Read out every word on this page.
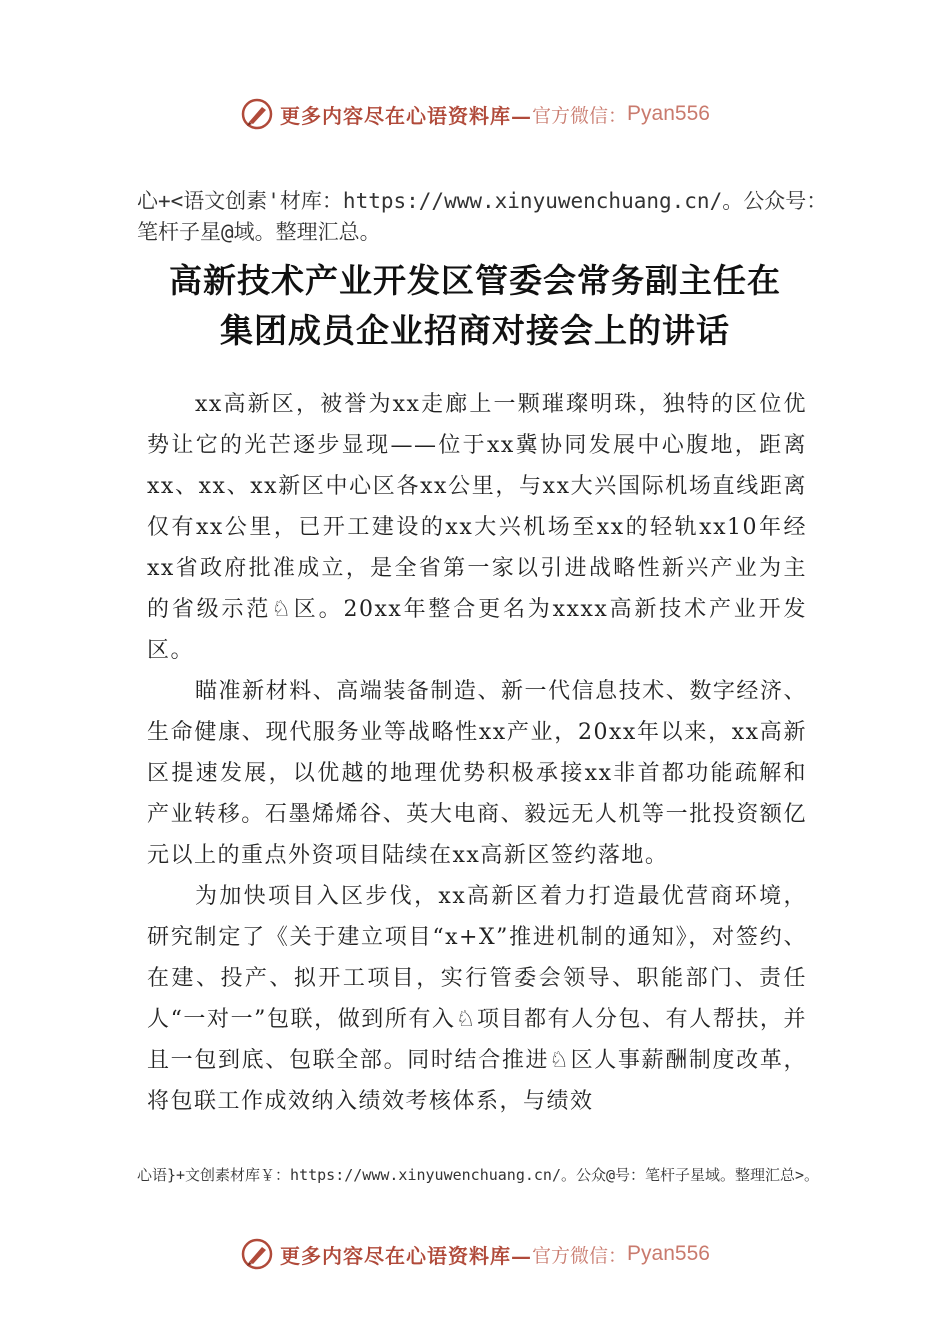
更多内容尽在心语资料库— 官方微信： Pyan556

心+<语文创素'材库：https://www.xinyuwenchuang.cn/。公众号：笔杆子星@域。整理汇总。

高新技术产业开发区管委会常务副主任在
集团成员企业招商对接会上的讲话

xx高新区，被誉为xx走廊上一颗璀璨明珠，独特的区位优势让它的光芒逐步显现——位于xx冀协同发展中心腹地，距离xx、xx、xx新区中心区各xx公里，与xx大兴国际机场直线距离仅有xx公里，已开工建设的xx大兴机场至xx的轻轨xx10年经xx省政府批准成立，是全省第一家以引进战略性新兴产业为主的省级示范♘区。20xx年整合更名为xxxx高新技术产业开发区。

瞄准新材料、高端装备制造、新一代信息技术、数字经济、生命健康、现代服务业等战略性xx产业，20xx年以来，xx高新区提速发展，以优越的地理优势积极承接xx非首都功能疏解和产业转移。石墨烯烯谷、英大电商、毅远无人机等一批投资额亿元以上的重点外资项目陆续在xx高新区签约落地。

为加快项目入区步伐，xx高新区着力打造最优营商环境，研究制定了《关于建立项目“x+X”推进机制的通知》，对签约、在建、投产、拟开工项目，实行管委会领导、职能部门、责任人“一对一”包联，做到所有入♘项目都有人分包、有人帮扶，并且一包到底、包联全部。同时结合推进♘区人事薪酬制度改革，将包联工作成效纳入绩效考核体系，与绩效

心语}+文创素材库￥：https://www.xinyuwenchuang.cn/。公众@号：笔杆子星域。整理汇总>。

更多内容尽在心语资料库— 官方微信： Pyan556
